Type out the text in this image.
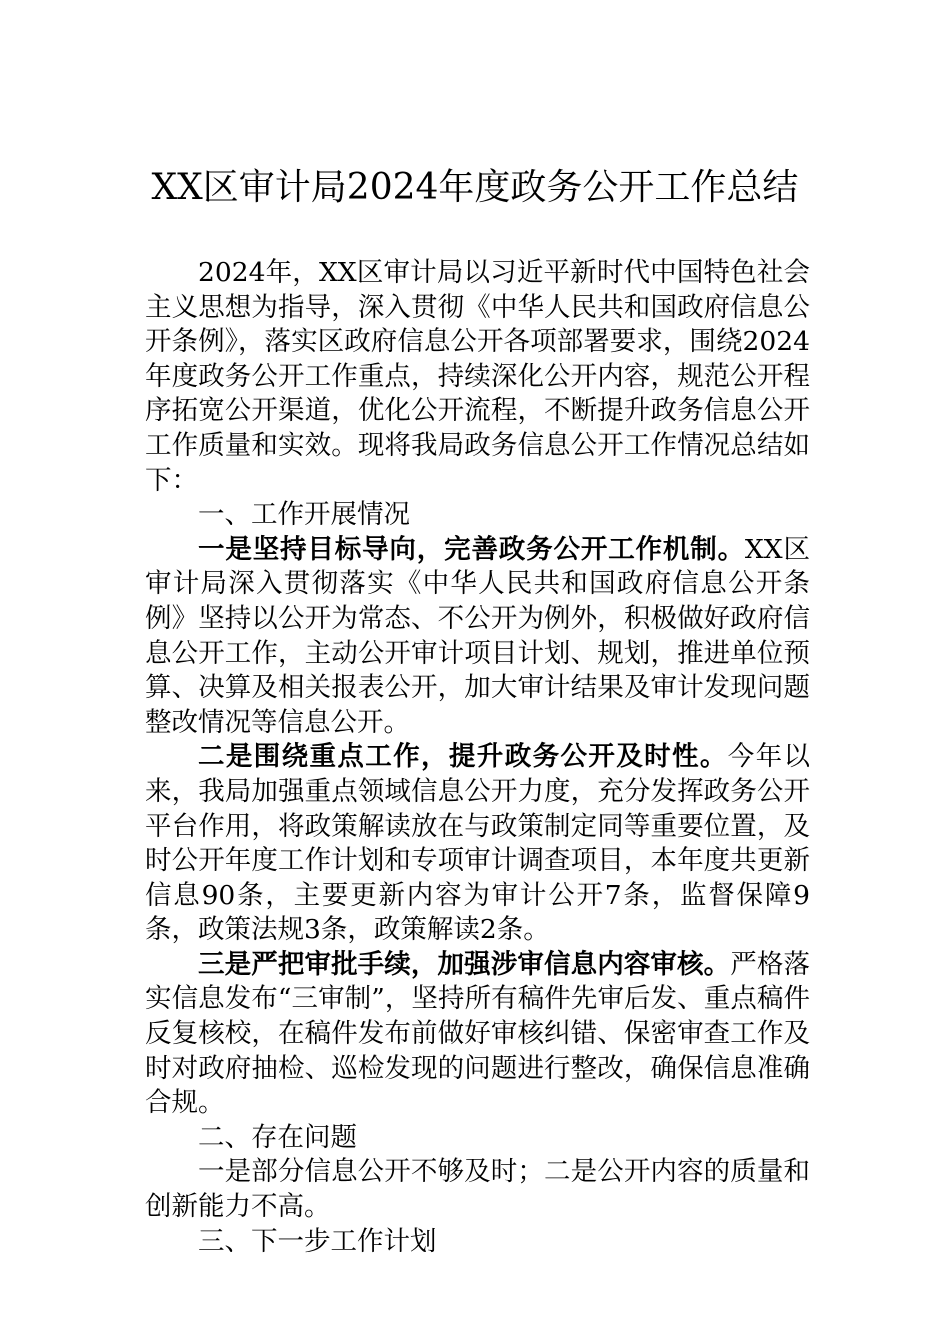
XX区审计局2024年度政务公开工作总结

2024年，XX区审计局以习近平新时代中国特色社会主义思想为指导，深入贯彻《中华人民共和国政府信息公开条例》，落实区政府信息公开各项部署要求，围绕2024年度政务公开工作重点，持续深化公开内容，规范公开程序拓宽公开渠道，优化公开流程，不断提升政务信息公开工作质量和实效。现将我局政务信息公开工作情况总结如下：

一、工作开展情况

一是坚持目标导向，完善政务公开工作机制。XX区审计局深入贯彻落实《中华人民共和国政府信息公开条例》坚持以公开为常态、不公开为例外，积极做好政府信息公开工作，主动公开审计项目计划、规划，推进单位预算、决算及相关报表公开，加大审计结果及审计发现问题整改情况等信息公开。

二是围绕重点工作，提升政务公开及时性。今年以来，我局加强重点领域信息公开力度，充分发挥政务公开平台作用，将政策解读放在与政策制定同等重要位置，及时公开年度工作计划和专项审计调查项目，本年度共更新信息90条，主要更新内容为审计公开7条，监督保障9条，政策法规3条，政策解读2条。

三是严把审批手续，加强涉审信息内容审核。严格落实信息发布“三审制”，坚持所有稿件先审后发、重点稿件反复核校，在稿件发布前做好审核纠错、保密审查工作及时对政府抽检、巡检发现的问题进行整改，确保信息准确合规。

二、存在问题

一是部分信息公开不够及时；二是公开内容的质量和创新能力不高。

三、下一步工作计划
